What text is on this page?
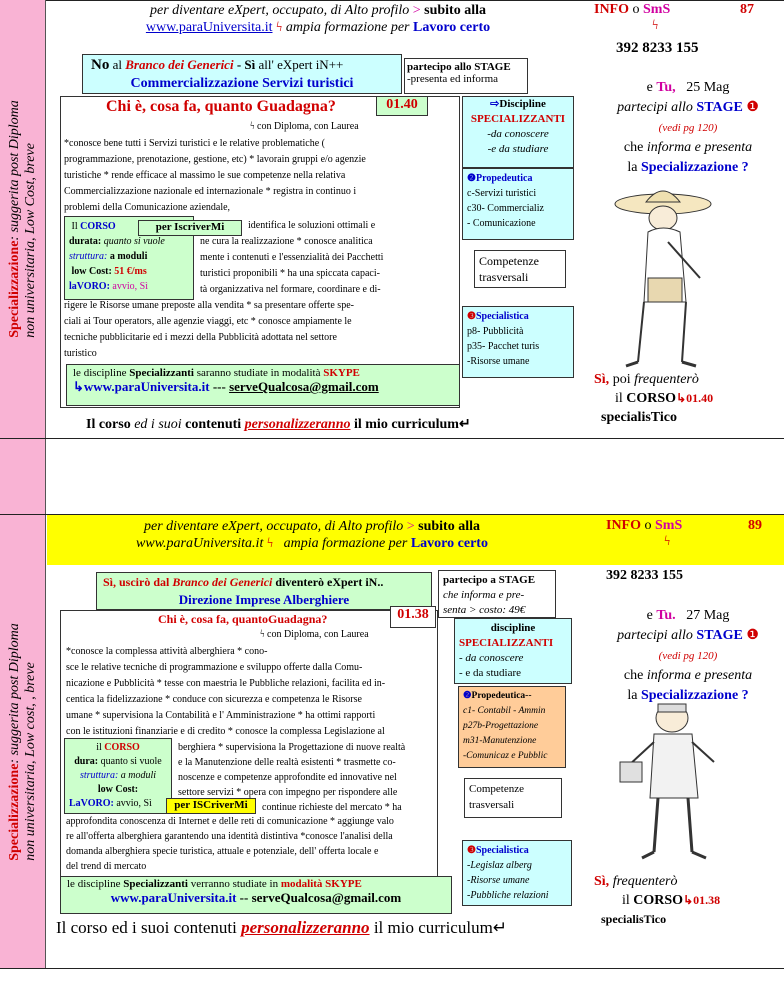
Specializzazione: suggerita post Diploma
non universitaria, Low Cost, breve
per diventare eXpert, occupato, di Alto profilo > subito alla
www.paraUniversita.it ϟ ampia formazione per Lavoro certo
INFO o SmS	87
ϟ
392 8233 155
e Tu, 25 Mag
partecipi allo STAGE ❶
(vedi pg 120)
che informa e presenta
la Specializzazione ?
Sì, poi frequenterò
il CORSO↳01.40
specialisTico
No al Branco dei Generici - Sì all' eXpert iN++
Commercializzazione Servizi turistici
partecipo allo STAGE
-presenta ed informa
Chi è, cosa fa, quanto Guadagna?	01.40
ϟ con Diploma, con Laurea
*conosce bene tutti i Servizi turistici e le relative problematiche (
programmazione, prenotazione, gestione, etc) * lavorain gruppi e/o agenzie
turistiche * rende efficace al massimo le sue competenze nella relativa
Commercializzazione nazionale ed internazionale * registra in continuo i
problemi della Comunicazione aziendale,
Il CORSO
durata: quanto si vuole
struttura: a moduli
low Cost: 51 €/ms
laVORO: avvio, Sì
per IscriverMi	identifica le soluzioni ottimali e
ne cura la realizzazione * conosce analitica
mente i contenuti e l'essenzialità dei Pacchetti
turistici proponibili * ha una spiccata capaci-
tà organizzativa nel formare, coordinare e di-
rigere le Risorse umane preposte alla vendita * sa presentare offerte spe-
ciali ai Tour operators, alle agenzie viaggi, etc * conosce ampiamente le
tecniche pubblicitarie ed i mezzi della Pubblicità adottata nel settore
turistico
le discipline Specializzanti saranno studiate in modalità SKYPE
↳www.paraUniversita.it --- serveQualcosa@gmail.com
⇨Discipline
SPECIALIZZANTI
-da conoscere
-e da studiare
❷Propedeutica
c-Servizi turistici
c30- Commercializ
- Comunicazione
Competenze
trasversali
❸Specialistica
p8- Pubblicità
p35- Pacchet turis
-Risorse umane
Il corso ed i suoi contenuti personalizzeranno il mio curriculum↵
Specializzazione: suggerita post Diploma
non universitaria, Low cost, , breve
per diventare eXpert, occupato, di Alto profilo > subito alla
www.paraUniversita.it ϟ ampia formazione per Lavoro certo
INFO o SmS	89
ϟ
392 8233 155
e Tu. 27 Mag
partecipi allo STAGE ❶
(vedi pg 120)
che informa e presenta
la Specializzazione ?
Sì, frequenterò
il CORSO↳01.38
specialisTico
Sì, uscirò dal Branco dei Generici diventerò eXpert iN..
Direzione Imprese Alberghiere
partecipo a STAGE
che informa e pre-
senta > costo: 49€
Chi è, cosa fa, quantoGuadagna?	01.38
ϟ con Diploma, con Laurea
*conosce la complessa attività alberghiera * cono-
sce le relative tecniche di programmazione e sviluppo offerte dalla Comu-
nicazione e Pubblicità * tesse con maestria le Pubbliche relazioni, facilita ed in-
centica la fidelizzazione * conduce con sicurezza e competenza le Risorse
umane * supervisiona la Contabilità e l' Amministrazione * ha ottimi rapporti
con le istituzioni finanziarie e di credito * conosce la complessa Legislazione al
il CORSO
dura: quanto si vuole
struttura: a moduli
low Cost:
LaVORO: avvio, Sì	per ISCriverMi
berghiera * supervisiona la Progettazione di nuove realtà
e la Manutenzione delle realtà esistenti * trasmette co-
noscenze e competenze approfondite ed innovative nel
settore servizi * opera con impegno per rispondere alle
continue richieste del mercato * ha
approfondita conoscenza di Internet e delle reti di comunicazione * aggiunge valo
re all'offerta alberghiera garantendo una identità distintiva *conosce l'analisi della
domanda alberghiera specie turistica, attuale e potenziale, dell' offerta locale e
del trend di mercato
le discipline Specializzanti verranno studiate in modalità SKYPE
www.paraUniversita.it -- serveQualcosa@gmail.com
discipline
SPECIALIZZANTI
- da conoscere
- e da studiare
❷Propedeutica--
c1- Contabil - Ammin
p27b-Progettazione
m31-Manutenzione
-Comunicaz e Pubblic
Competenze
trasversali
❸Specialistica
-Legislaz alberg
-Risorse umane
-Pubbliche relazioni
Il corso ed i suoi contenuti personalizzeranno il mio curriculum↵
